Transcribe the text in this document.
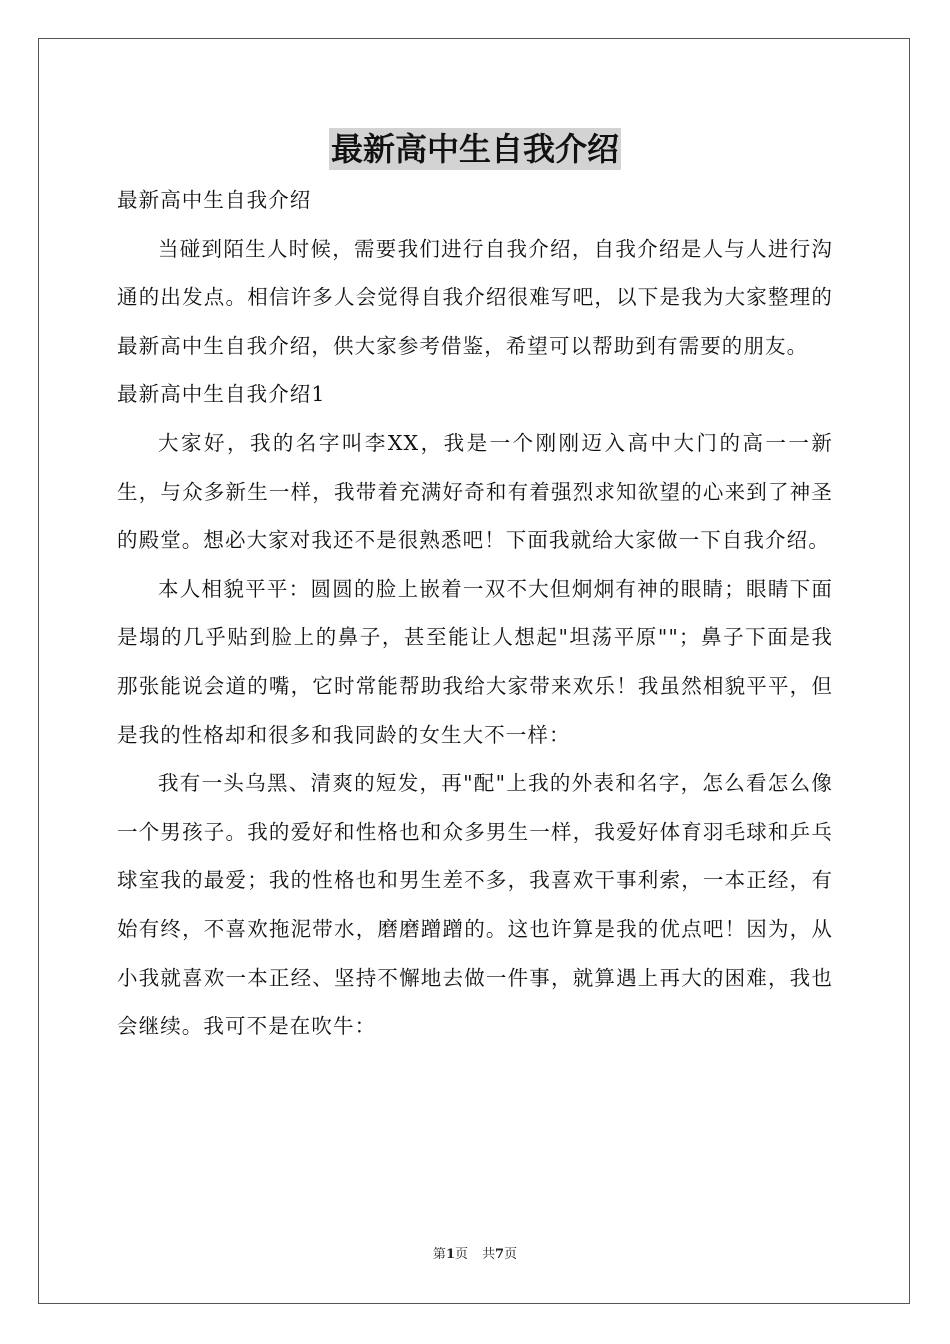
最新高中生自我介绍

最新高中生自我介绍

当碰到陌生人时候，需要我们进行自我介绍，自我介绍是人与人进行沟通的出发点。相信许多人会觉得自我介绍很难写吧，以下是我为大家整理的最新高中生自我介绍，供大家参考借鉴，希望可以帮助到有需要的朋友。

最新高中生自我介绍1

大家好，我的名字叫李XX，我是一个刚刚迈入高中大门的高一一新生，与众多新生一样，我带着充满好奇和有着强烈求知欲望的心来到了神圣的殿堂。想必大家对我还不是很熟悉吧！下面我就给大家做一下自我介绍。

本人相貌平平：圆圆的脸上嵌着一双不大但炯炯有神的眼睛；眼睛下面是塌的几乎贴到脸上的鼻子，甚至能让人想起"坦荡平原""；鼻子下面是我那张能说会道的嘴，它时常能帮助我给大家带来欢乐！我虽然相貌平平，但是我的性格却和很多和我同龄的女生大不一样：

我有一头乌黑、清爽的短发，再"配"上我的外表和名字，怎么看怎么像一个男孩子。我的爱好和性格也和众多男生一样，我爱好体育羽毛球和乒乓球室我的最爱；我的性格也和男生差不多，我喜欢干事利索，一本正经，有始有终，不喜欢拖泥带水，磨磨蹭蹭的。这也许算是我的优点吧！因为，从小我就喜欢一本正经、坚持不懈地去做一件事，就算遇上再大的困难，我也会继续。我可不是在吹牛：

第1页 共7页
